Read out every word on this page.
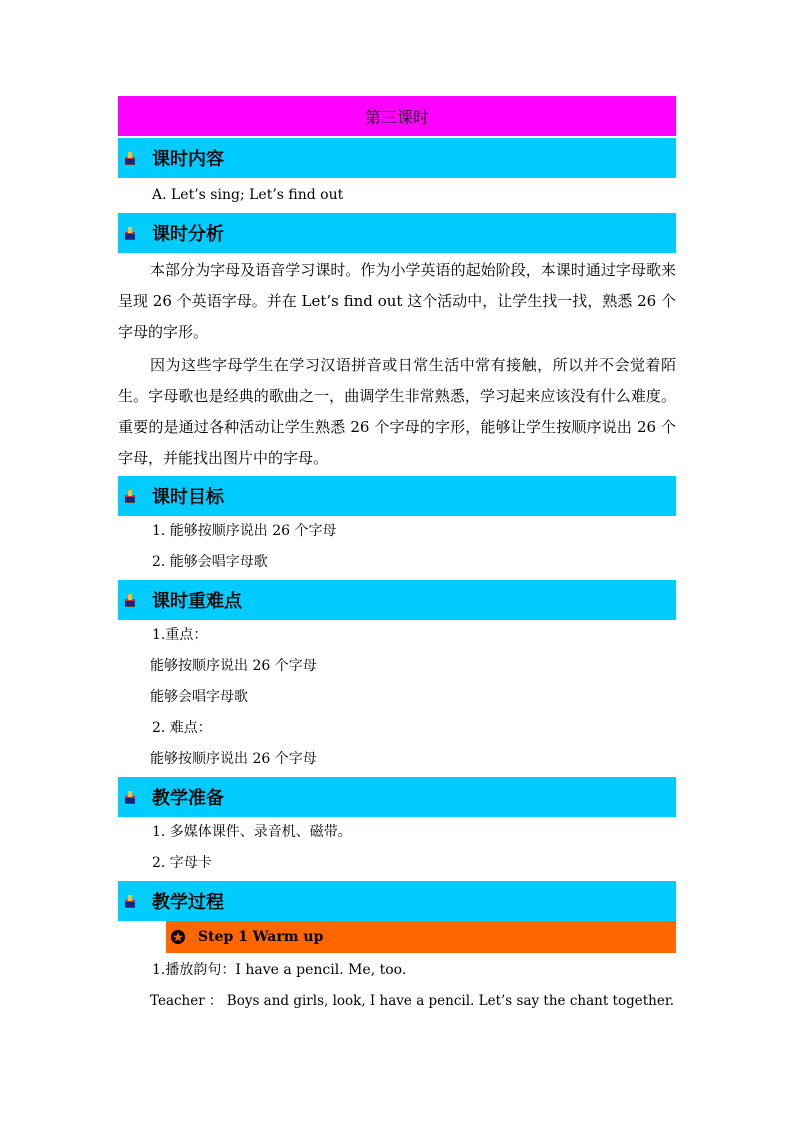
第三课时
课时内容
A. Let’s sing; Let’s find out
课时分析

本部分为字母及语音学习课时。作为小学英语的起始阶段，本课时通过字母歌来呈现 26 个英语字母。并在 Let’s find out 这个活动中，让学生找一找，熟悉 26 个字母的字形。

因为这些字母学生在学习汉语拼音或日常生活中常有接触，所以并不会觉着陌生。字母歌也是经典的歌曲之一，曲调学生非常熟悉，学习起来应该没有什么难度。重要的是通过各种活动让学生熟悉 26 个字母的字形，能够让学生按顺序说出 26 个字母，并能找出图片中的字母。

课时目标
1. 能够按顺序说出 26 个字母
2. 能够会唱字母歌
课时重难点
1.重点：
能够按顺序说出 26 个字母
能够会唱字母歌
2. 难点：
能够按顺序说出 26 个字母
教学准备
1. 多媒体课件、录音机、磁带。
2. 字母卡
教学过程
Step 1 Warm up
1.播放韵句：I have a pencil. Me, too.
Teacher ： Boys and girls, look, I have a pencil. Let’s say the chant together.
